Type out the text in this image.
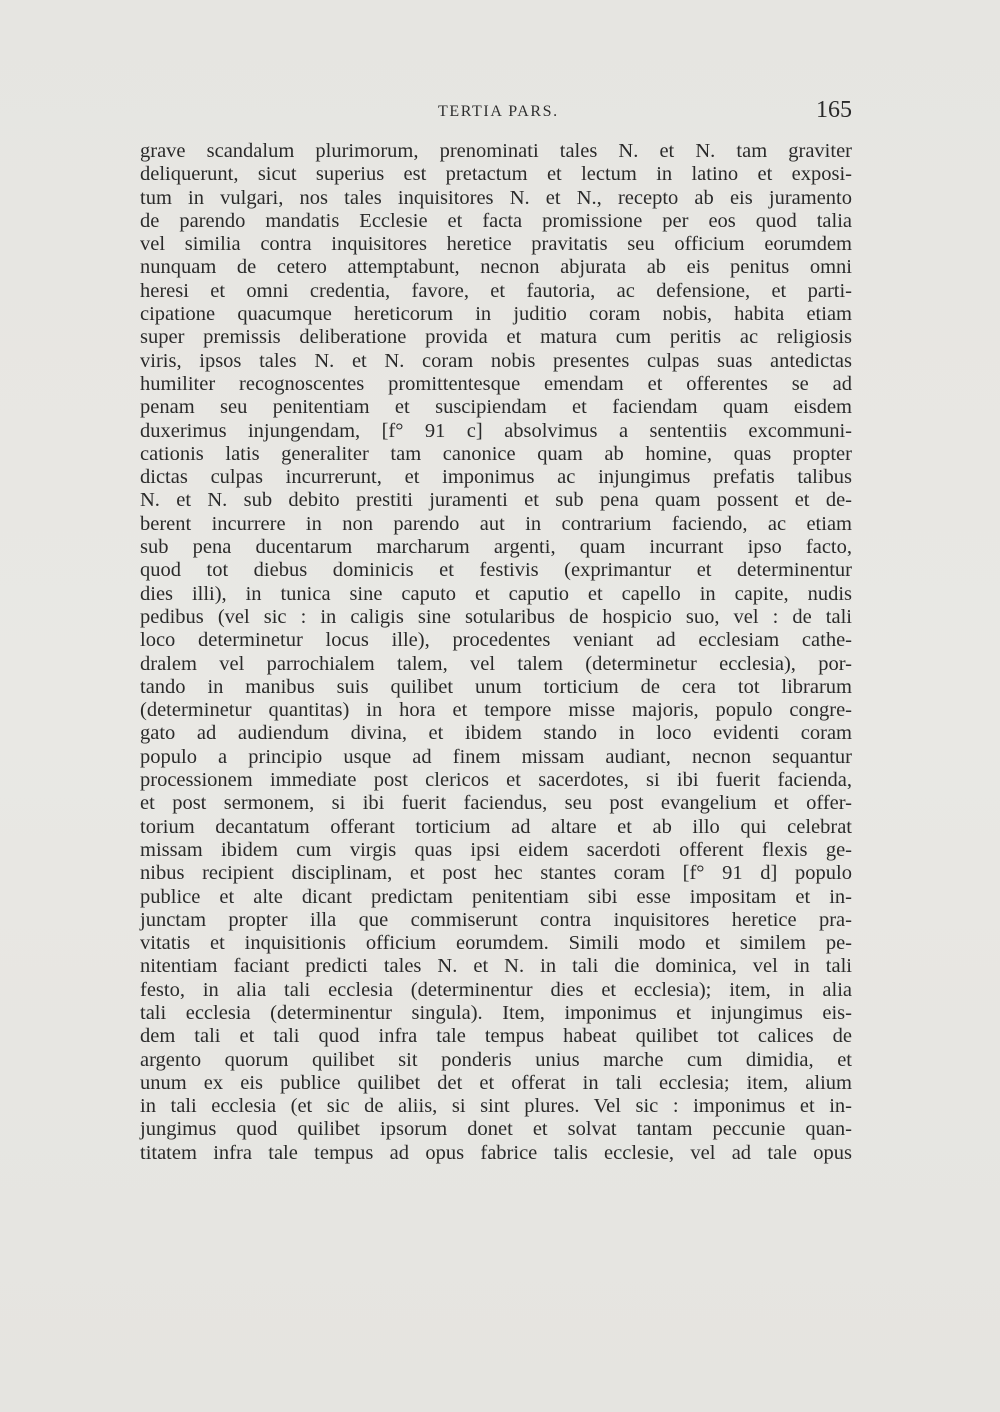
TERTIA PARS.	165
grave scandalum plurimorum, prenominati tales N. et N. tam graviter
deliquerunt, sicut superius est pretactum et lectum in latino et exposi-
tum in vulgari, nos tales inquisitores N. et N., recepto ab eis juramento
de parendo mandatis Ecclesie et facta promissione per eos quod talia
vel similia contra inquisitores heretice pravitatis seu officium eorumdem
nunquam de cetero attemptabunt, necnon abjurata ab eis penitus omni
heresi et omni credentia, favore, et fautoria, ac defensione, et parti-
cipatione quacumque hereticorum in juditio coram nobis, habita etiam
super premissis deliberatione provida et matura cum peritis ac religiosis
viris, ipsos tales N. et N. coram nobis presentes culpas suas antedictas
humiliter recognoscentes promittentesque emendam et offerentes se ad
penam seu penitentiam et suscipiendam et faciendam quam eisdem
duxerimus injungendam, [f° 91 c] absolvimus a sententiis excommuni-
cationis latis generaliter tam canonice quam ab homine, quas propter
dictas culpas incurrerunt, et imponimus ac injungimus prefatis talibus
N. et N. sub debito prestiti juramenti et sub pena quam possent et de-
berent incurrere in non parendo aut in contrarium faciendo, ac etiam
sub pena ducentarum marcharum argenti, quam incurrant ipso facto,
quod tot diebus dominicis et festivis (exprimantur et determinentur
dies illi), in tunica sine caputo et caputio et capello in capite, nudis
pedibus (vel sic : in caligis sine sotularibus de hospicio suo, vel : de tali
loco determinetur locus ille), procedentes veniant ad ecclesiam cathe-
dralem vel parrochialem talem, vel talem (determinetur ecclesia), por-
tando in manibus suis quilibet unum torticium de cera tot librarum
(determinetur quantitas) in hora et tempore misse majoris, populo congre-
gato ad audiendum divina, et ibidem stando in loco evidenti coram
populo a principio usque ad finem missam audiant, necnon sequantur
processionem immediate post clericos et sacerdotes, si ibi fuerit facienda,
et post sermonem, si ibi fuerit faciendus, seu post evangelium et offer-
torium decantatum offerant torticium ad altare et ab illo qui celebrat
missam ibidem cum virgis quas ipsi eidem sacerdoti offerent flexis ge-
nibus recipient disciplinam, et post hec stantes coram [f° 91 d] populo
publice et alte dicant predictam penitentiam sibi esse impositam et in-
junctam propter illa que commiserunt contra inquisitores heretice pra-
vitatis et inquisitionis officium eorumdem. Simili modo et similem pe-
nitentiam faciant predicti tales N. et N. in tali die dominica, vel in tali
festo, in alia tali ecclesia (determinentur dies et ecclesia); item, in alia
tali ecclesia (determinentur singula). Item, imponimus et injungimus eis-
dem tali et tali quod infra tale tempus habeat quilibet tot calices de
argento quorum quilibet sit ponderis unius marche cum dimidia, et
unum ex eis publice quilibet det et offerat in tali ecclesia; item, alium
in tali ecclesia (et sic de aliis, si sint plures. Vel sic : imponimus et in-
jungimus quod quilibet ipsorum donet et solvat tantam peccunie quan-
titatem infra tale tempus ad opus fabrice talis ecclesie, vel ad tale opus
